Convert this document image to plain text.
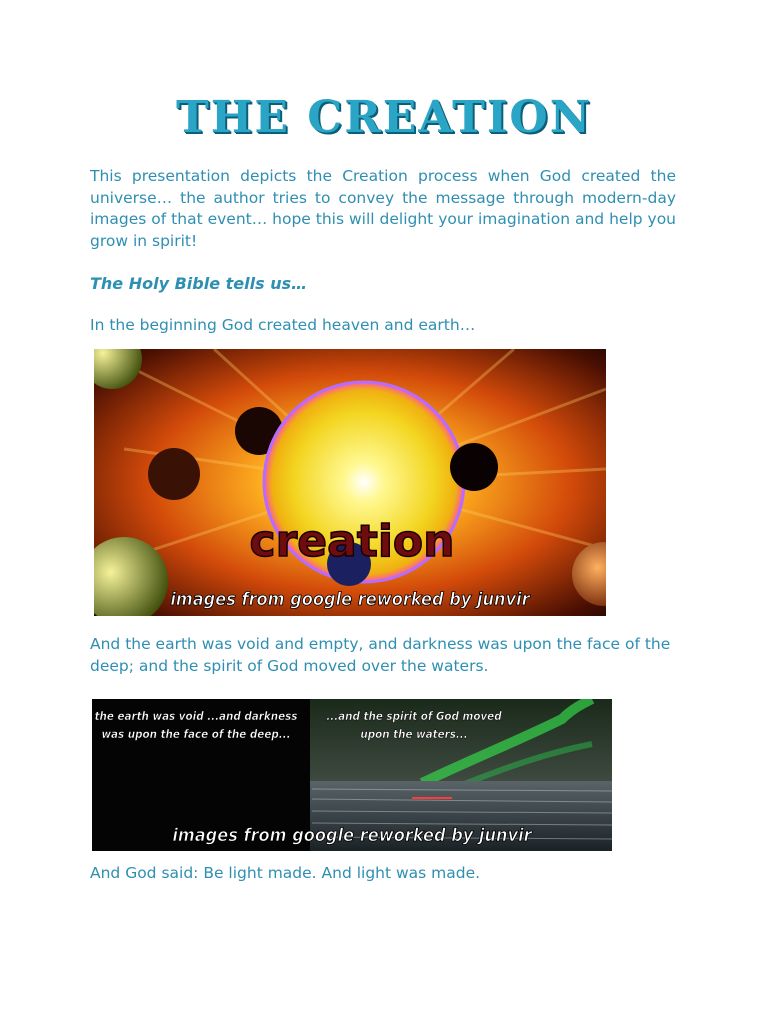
THE CREATION
This presentation depicts the Creation process when God created the universe… the author tries to convey the message through modern-day images of that event… hope this will delight your imagination and help you grow in spirit!
The Holy Bible tells us…
In the beginning God created heaven and earth…
creation
images from google reworked by junvir
And the earth was void and empty, and darkness was upon the face of the deep; and the spirit of God moved over the waters.
the earth was void ...and darkness
was upon the face of the deep...
...and the spirit of God moved
upon the waters...
images from google reworked by junvir
And God said: Be light made. And light was made.
